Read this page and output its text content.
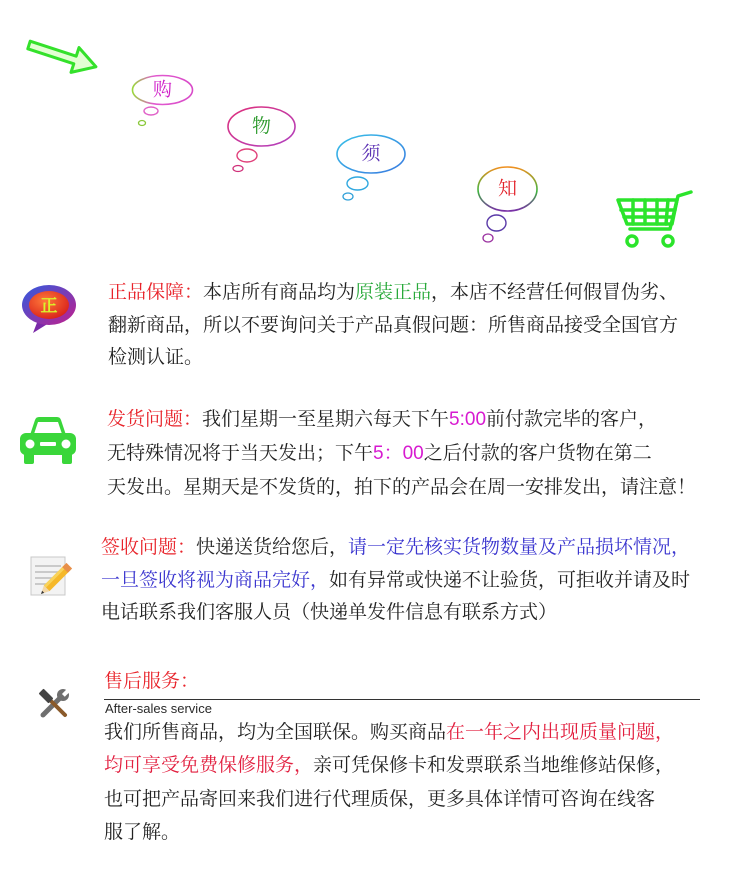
购
物
须
知
正
正品保障：本店所有商品均为原装正品，本店不经营任何假冒伪劣、
翻新商品，所以不要询问关于产品真假问题：所售商品接受全国官方
检测认证。
发货问题：我们星期一至星期六每天下午5:00前付款完毕的客户，
无特殊情况将于当天发出；下午5：00之后付款的客户货物在第二
天发出。星期天是不发货的，拍下的产品会在周一安排发出，请注意！
签收问题：快递送货给您后，请一定先核实货物数量及产品损坏情况，
一旦签收将视为商品完好，如有异常或快递不让验货，可拒收并请及时
电话联系我们客服人员（快递单发件信息有联系方式）
售后服务：
After-sales service
我们所售商品，均为全国联保。购买商品在一年之内出现质量问题，
均可享受免费保修服务，亲可凭保修卡和发票联系当地维修站保修，
也可把产品寄回来我们进行代理质保，更多具体详情可咨询在线客
服了解。
